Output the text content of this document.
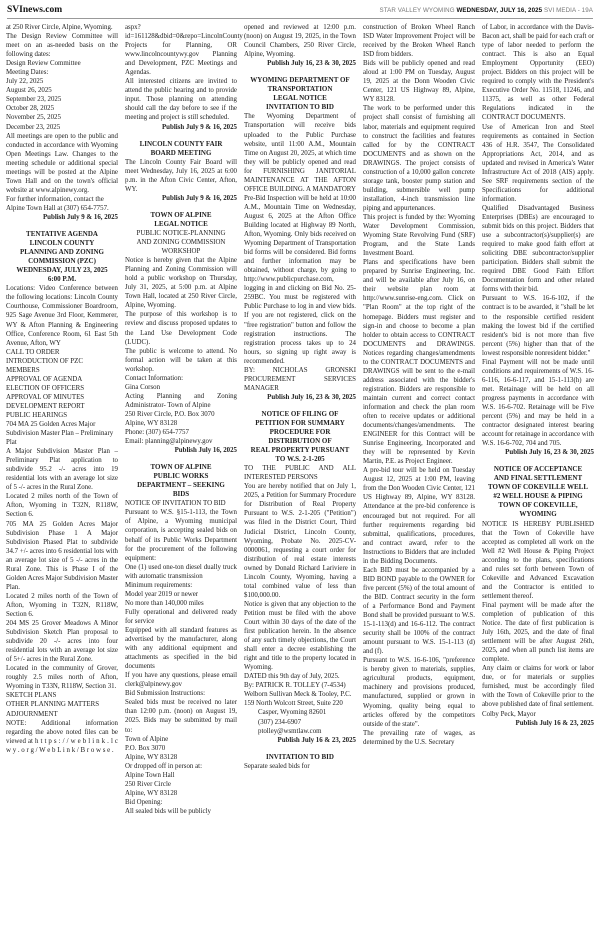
SVInews.com	STAR VALLEY WYOMING WEDNESDAY, JULY 16, 2025 SVI MEDIA - 19A

at 250 River Circle, Alpine, Wyoming.

The Design Review Committee will meet on an as-needed basis on the following dates:

Design Review Committee

Meeting Dates:

July 22, 2025

August 26, 2025

September 23, 2025

October 28, 2025

November 25, 2025

December 23, 2025

All meetings are open to the public and conducted in accordance with Wyoming Open Meetings Law. Changes to the meeting schedule or additional special meetings will be posted at the Alpine Town Hall and on the town's official website at www.alpinewy.org.

For further information, contact the Alpine Town Hall at (307) 654-7757.

Publish July 9 & 16, 2025

TENTATIVE AGENDA
LINCOLN COUNTY
PLANNING AND ZONING
COMMISSION (PZC)
WEDNESDAY, JULY 23, 2025
6:00 P.M.

Locations: Video Conference between the following locations: Lincoln County Courthouse, Commissioner Boardroom, 925 Sage Avenue 3rd Floor, Kemmerer, WY & Afton Planning & Engineering Office, Conference Room, 61 East 5th Avenue, Afton, WY

CALL TO ORDER

INTRODUCTION OF PZC MEMBERS

APPROVAL OF AGENDA

ELECTION OF OFFICERS

APPROVAL OF MINUTES

DEVELOPMENT REPORT

PUBLIC HEARINGS

704 MA 25 Golden Acres Major Subdivision Master Plan – Preliminary Plat

A Major Subdivision Master Plan – Preliminary Plat application to subdivide 95.2 -/- acres into 19 residential lots with an average lot size of 5 -/- acres in the Rural Zone.

Located 2 miles north of the Town of Afton, Wyoming in T32N, R118W, Section 6.

705 MA 25 Golden Acres Major Subdivision Phase 1 A Major Subdivision Phased Plat to subdivide 34.7 +/- acres into 6 residential lots with an average lot size of 5 -/- acres in the Rural Zone. This is Phase I of the Golden Acres Major Subdivision Master Plan.

Located 2 miles north of the Town of Afton, Wyoming in T32N, R118W, Section 6.

204 MS 25 Grover Meadows A Minor Subdivision Sketch Plan proposal to subdivide 20 -/- acres into four residential lots with an average lot size of 5+/- acres in the Rural Zone.

Located in the community of Grover, roughly 2.5 miles north of Afton, Wyoming in T33N, R118W, Section 31.

SKETCH PLANS

OTHER PLANNING MATTERS

ADJOURNMENT

NOTE: Additional information regarding the above noted files can be viewed at h t t p s : / / w e b l i n k . l c w y . o r g / W e b L i n k / B r o w s e .

aspx?id=161128&dbid=0&repo=LincolnCounty Projects for Planning, OR www.lincolncountywy.gov Planning and Development, PZC Meetings and Agendas.

All interested citizens are invited to attend the public hearing and to provide input. Those planning on attending should call the day before to see if the meeting and project is still scheduled.

Publish July 9 & 16, 2025

LINCOLN COUNTY FAIR
BOARD MEETING

The Lincoln County Fair Board will meet Wednesday, July 16, 2025 at 6:00 p.m. in the Afton Civic Center, Afton, WY.

Publish July 9 & 16, 2025

TOWN OF ALPINE
LEGAL NOTICE

PUBLIC NOTICE-PLANNING
AND ZONING COMMISSION
WORKSHOP

Notice is hereby given that the Alpine Planning and Zoning Commission will hold a public workshop on Thursday, July 31, 2025, at 5:00 p.m. at Alpine Town Hall, located at 250 River Circle, Alpine, Wyoming.

The purpose of this workshop is to review and discuss proposed updates to the Land Use Development Code (LUDC).

The public is welcome to attend. No formal action will be taken at this workshop.

Contact Information:

Gina Corson

Acting Planning and Zoning Administrator- Town of Alpine

250 River Circle, P.O. Box 3070

Alpine, WY 83128

Phone: (307) 654-7757

Email: planning@alpinewy.gov

Publish July 16, 2025

TOWN OF ALPINE
PUBLIC WORKS
DEPARTMENT – SEEKING
BIDS

NOTICE OF INVITATION TO BID

Pursuant to W.S. §15-1-113, the Town of Alpine, a Wyoming municipal corporation, is accepting sealed bids on behalf of its Public Works Department for the procurement of the following equipment:

One (1) used one-ton diesel dually truck with automatic transmission

Minimum requirements:

Model year 2019 or newer

No more than 140,000 miles

Fully operational and delivered ready for service

Equipped with all standard features as advertised by the manufacturer, along with any additional equipment and attachments as specified in the bid documents

If you have any questions, please email clerk@alpinewy.gov

Bid Submission Instructions:

Sealed bids must be received no later than 12:00 p.m. (noon) on August 19, 2025. Bids may be submitted by mail to:

Town of Alpine

P.O. Box 3070

Alpine, WY 83128

Or dropped off in person at:

Alpine Town Hall

250 River Circle

Alpine, WY 83128

Bid Opening:

All sealed bids will be publicly

opened and reviewed at 12:00 p.m. (noon) on August 19, 2025, in the Town Council Chambers, 250 River Circle, Alpine, Wyoming.

Publish July 16, 23 & 30, 2025

WYOMING DEPARTMENT OF
TRANSPORTATION
LEGAL NOTICE
INVITATION TO BID

The Wyoming Department of Transportation will receive bids uploaded to the Public Purchase website, until 11:00 A.M., Mountain Time on August 20, 2025, at which time they will be publicly opened and read for FURNISHING JANITORIAL MAINTENANCE AT THE AFTON OFFICE BUILDING. A MANDATORY Pre-Bid Inspection will be held at 10:00 A.M., Mountain Time on Wednesday, August 6, 2025 at the Afton Office Building located at Highway 89 North, Afton, Wyoming. Only bids received on Wyoming Department of Transportation bid forms will be considered. Bid forms and further information may be obtained, without charge, by going to http://www.publicpurchase.com, logging in and clicking on Bid No. 25-259BC. You must be registered with Public Purchase to log in and view bids. If you are not registered, click on the "free registration" button and follow the registration instructions. The registration process takes up to 24 hours, so signing up right away is recommended.

BY: NICHOLAS GRONSKI PROCUREMENT SERVICES MANAGER

Publish July 16, 23 & 30, 2025

NOTICE OF FILING OF
PETITION FOR SUMMARY
PROCEDURE FOR
DISTRIBUTION OF
REAL PROPERTY PURSUANT
TO W.S. 2-1-205

TO THE PUBLIC AND ALL INTERESTED PERSONS

You are hereby notified that on July 1, 2025, a Petition for Summary Procedure for Distribution of Real Property Pursuant to W.S. 2-1-205 ("Petition") was filed in the District Court, Third Judicial District, Lincoln County, Wyoming, Probate No. 2025-CV-0000061, requesting a court order for distribution of real estate interests owned by Donald Richard Lariviere in Lincoln County, Wyoming, having a total combined value of less than $100,000.00.

Notice is given that any objection to the Petition must be filed with the above Court within 30 days of the date of the first publication herein. In the absence of any such timely objections, the Court shall enter a decree establishing the right and title to the property located in Wyoming.

DATED this 9th day of July, 2025.

By: PATRICK R. TOLLEY (7-4534)

Welborn Sullivan Meck & Tooley, P.C.

159 North Wolcott Street, Suite 220

Casper, Wyoming 82601

(307) 234-6907

ptolley@wsmtlaw.com

Publish July 16 & 23, 2025

INVITATION TO BID

Separate sealed bids for

construction of Broken Wheel Ranch ISD Water Improvement Project will be received by the Broken Wheel Ranch ISD from bidders.

Bids will be publicly opened and read aloud at 1:00 PM on Tuesday, August 19, 2025 at the Donn Wooden Civic Center, 121 US Highway 89, Alpine, WY 83128.

The work to be performed under this project shall consist of furnishing all labor, materials and equipment required to construct the facilities and features called for by the CONTRACT DOCUMENTS and as shown on the DRAWINGS. The project consists of construction of a 10,000 gallon concrete storage tank, booster pump station and building, submersible well pump installation, 4-inch transmission line piping and appurtenances.

This project is funded by the: Wyoming Water Development Commission, Wyoming State Revolving Fund (SRF) Program, and the State Lands Investment Board.

Plans and specifications have been prepared by Sunrise Engineering, Inc. and will be available after July 16, on their website plan room at http://www.sunrise-eng.com. Click on "Plan Room" at the top right of the homepage. Bidders must register and sign-in and choose to become a plan holder to obtain access to CONTRACT DOCUMENTS and DRAWINGS. Notices regarding changes/amendments to the CONTRACT DOCUMENTS and DRAWINGS will be sent to the e-mail address associated with the bidder's registration. Bidders are responsible to maintain current and correct contact information and check the plan room often to receive updates or additional documents/changes/amendments. The ENGINEER for this Contract will be Sunrise Engineering, Incorporated and they will be represented by Kevin Martin, P.E. as Project Engineer.

A pre-bid tour will be held on Tuesday August 12, 2025 at 1:00 PM, leaving from the Don Wooden Civic Center, 121 US Highway 89, Alpine, WY 83128. Attendance at the pre-bid conference is encouraged but not required. For all further requirements regarding bid submittal, qualifications, procedures, and contract award, refer to the Instructions to Bidders that are included in the Bidding Documents.

Each BID must be accompanied by a BID BOND payable to the OWNER for five percent (5%) of the total amount of the BID. Contract security in the form of a Performance Bond and Payment Bond shall be provided pursuant to W.S. 15-1-113(d) and 16-6-112. The contract security shall be 100% of the contract amount pursuant to W.S. 15-1-113 (d) and (f).

Pursuant to W.S. 16-6-106, "preference is hereby given to materials, supplies, agricultural products, equipment, machinery and provisions produced, manufactured, supplied or grown in Wyoming, quality being equal to articles offered by the competitors outside of the state".

The prevailing rate of wages, as determined by the U.S. Secretary

of Labor, in accordance with the Davis-Bacon act, shall be paid for each craft or type of labor needed to perform the contract. This is also an Equal Employment Opportunity (EEO) project. Bidders on this project will be required to comply with the President's Executive Order No. 11518, 11246, and 11375, as well as other Federal Regulations indicated in the CONTRACT DOCUMENTS.

Use of American Iron and Steel requirements as contained in Section 436 of H.R. 3547, The Consolidated Appropriations Act, 2014, and as updated and revised in America's Water Infrastructure Act of 2018 (AIS) apply. See SRF requirements section of the Specifications for additional information.

Qualified Disadvantaged Business Enterprises (DBEs) are encouraged to submit bids on this project. Bidders that use a subcontractor(s)/supplier(s) are required to make good faith effort at soliciting DBE subcontractor/supplier participation. Bidders shall submit the required DBE Good Faith Effort Documentation form and other related forms with their bid.

Pursuant to W.S. 16-6-102, if the contract is to be awarded, it "shall be let to the responsible certified resident making the lowest bid if the certified resident's bid is not more than five percent (5%) higher than that of the lowest responsible nonresident bidder."

Final Payment will not be made until conditions and requirements of W.S. 16-6-116, 16-6-117, and 15-1-113(h) are met. Retainage will be held on all progress payments in accordance with W.S. 16-6-702. Retainage will be Five percent (5%) and may be held in a contractor designated interest bearing account for retainage in accordance with W.S. 16-6-702, 704 and 705.

Publish July 16, 23 & 30, 2025

NOTICE OF ACCEPTANCE
AND FINAL SETTLEMENT
TOWN OF COKEVILLE WELL
#2 WELL HOUSE & PIPING
TOWN OF COKEVILLE,
WYOMING

NOTICE IS HEREBY PUBLISHED that the Town of Cokeville have accepted as completed all work on the Well #2 Well House & Piping Project according to the plans, specifications and rules set forth between Town of Cokeville and Advanced Excavation and the Contractor is entitled to settlement thereof.

Final payment will be made after the completion of publication of this Notice. The date of first publication is July 16th, 2025, and the date of final settlement will be after August 26th, 2025, and when all punch list items are complete.

Any claim or claims for work or labor due, or for materials or supplies furnished, must be accordingly filed with the Town of Cokeville prior to the above published date of final settlement.

Colby Peck, Mayor

Publish July 16 & 23, 2025
